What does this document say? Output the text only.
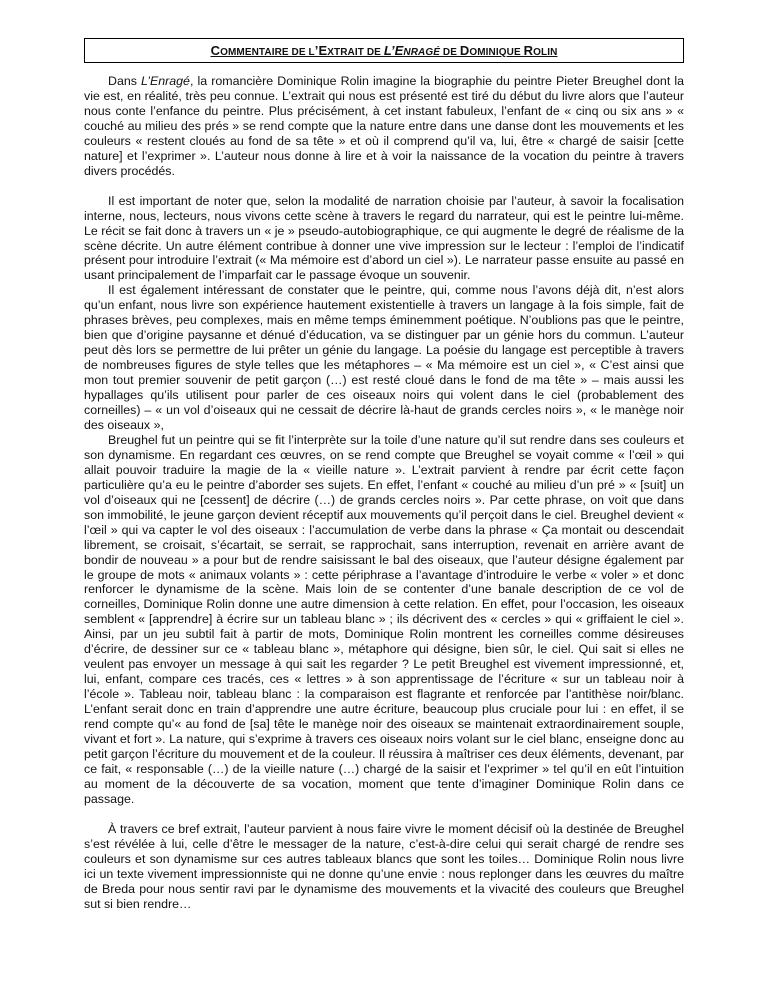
COMMENTAIRE DE L’EXTRAIT DE L’ENRAGÉ DE DOMINIQUE ROLIN

Dans L’Enragé, la romancière Dominique Rolin imagine la biographie du peintre Pieter Breughel dont la vie est, en réalité, très peu connue. L’extrait qui nous est présenté est tiré du début du livre alors que l’auteur nous conte l’enfance du peintre. Plus précisément, à cet instant fabuleux, l’enfant de « cinq ou six ans » « couché au milieu des prés » se rend compte que la nature entre dans une danse dont les mouvements et les couleurs « restent cloués au fond de sa tête » et où il comprend qu’il va, lui, être « chargé de saisir [cette nature] et l’exprimer ». L’auteur nous donne à lire et à voir la naissance de la vocation du peintre à travers divers procédés.

Il est important de noter que, selon la modalité de narration choisie par l’auteur, à savoir la focalisation interne, nous, lecteurs, nous vivons cette scène à travers le regard du narrateur, qui est le peintre lui-même. Le récit se fait donc à travers un « je » pseudo-autobiographique, ce qui augmente le degré de réalisme de la scène décrite. Un autre élément contribue à donner une vive impression sur le lecteur : l’emploi de l’indicatif présent pour introduire l’extrait (« Ma mémoire est d’abord un ciel »). Le narrateur passe ensuite au passé en usant principalement de l’imparfait car le passage évoque un souvenir.

Il est également intéressant de constater que le peintre, qui, comme nous l’avons déjà dit, n’est alors qu’un enfant, nous livre son expérience hautement existentielle à travers un langage à la fois simple, fait de phrases brèves, peu complexes, mais en même temps éminemment poétique. N’oublions pas que le peintre, bien que d’origine paysanne et dénué d’éducation, va se distinguer par un génie hors du commun. L’auteur peut dès lors se permettre de lui prêter un génie du langage. La poésie du langage est perceptible à travers de nombreuses figures de style telles que les métaphores – « Ma mémoire est un ciel », « C’est ainsi que mon tout premier souvenir de petit garçon (…) est resté cloué dans le fond de ma tête » – mais aussi les hypallages qu’ils utilisent pour parler de ces oiseaux noirs qui volent dans le ciel (probablement des corneilles) – « un vol d’oiseaux qui ne cessait de décrire là-haut de grands cercles noirs », « le manège noir des oiseaux »,

Breughel fut un peintre qui se fit l’interprète sur la toile d’une nature qu’il sut rendre dans ses couleurs et son dynamisme. En regardant ces œuvres, on se rend compte que Breughel se voyait comme « l’œil » qui allait pouvoir traduire la magie de la « vieille nature ». L’extrait parvient à rendre par écrit cette façon particulière qu’a eu le peintre d’aborder ses sujets. En effet, l’enfant « couché au milieu d’un pré » « [suit] un vol d’oiseaux qui ne [cessent] de décrire (…) de grands cercles noirs ». Par cette phrase, on voit que dans son immobilité, le jeune garçon devient réceptif aux mouvements qu’il perçoit dans le ciel. Breughel devient « l’œil » qui va capter le vol des oiseaux : l’accumulation de verbe dans la phrase « Ça montait ou descendait librement, se croisait, s’écartait, se serrait, se rapprochait, sans interruption, revenait en arrière avant de bondir de nouveau » a pour but de rendre saisissant le bal des oiseaux, que l’auteur désigne également par le groupe de mots « animaux volants » : cette périphrase a l’avantage d’introduire le verbe « voler » et donc renforcer le dynamisme de la scène. Mais loin de se contenter d’une banale description de ce vol de corneilles, Dominique Rolin donne une autre dimension à cette relation. En effet, pour l’occasion, les oiseaux semblent « [apprendre] à écrire sur un tableau blanc » ; ils décrivent des « cercles » qui « griffaient le ciel ». Ainsi, par un jeu subtil fait à partir de mots, Dominique Rolin montrent les corneilles comme désireuses d’écrire, de dessiner sur ce « tableau blanc », métaphore qui désigne, bien sûr, le ciel. Qui sait si elles ne veulent pas envoyer un message à qui sait les regarder ? Le petit Breughel est vivement impressionné, et, lui, enfant, compare ces tracés, ces « lettres » à son apprentissage de l’écriture « sur un tableau noir à l’école ». Tableau noir, tableau blanc : la comparaison est flagrante et renforcée par l’antithèse noir/blanc. L’enfant serait donc en train d’apprendre une autre écriture, beaucoup plus cruciale pour lui : en effet, il se rend compte qu’« au fond de [sa] tête le manège noir des oiseaux se maintenait extraordinairement souple, vivant et fort ». La nature, qui s’exprime à travers ces oiseaux noirs volant sur le ciel blanc, enseigne donc au petit garçon l’écriture du mouvement et de la couleur. Il réussira à maîtriser ces deux éléments, devenant, par ce fait, « responsable (…) de la vieille nature (…) chargé de la saisir et l’exprimer » tel qu’il en eût l’intuition au moment de la découverte de sa vocation, moment que tente d’imaginer Dominique Rolin dans ce passage.

À travers ce bref extrait, l’auteur parvient à nous faire vivre le moment décisif où la destinée de Breughel s’est révélée à lui, celle d’être le messager de la nature, c’est-à-dire celui qui serait chargé de rendre ses couleurs et son dynamisme sur ces autres tableaux blancs que sont les toiles… Dominique Rolin nous livre ici un texte vivement impressionniste qui ne donne qu’une envie : nous replonger dans les œuvres du maître de Breda pour nous sentir ravi par le dynamisme des mouvements et la vivacité des couleurs que Breughel sut si bien rendre…
